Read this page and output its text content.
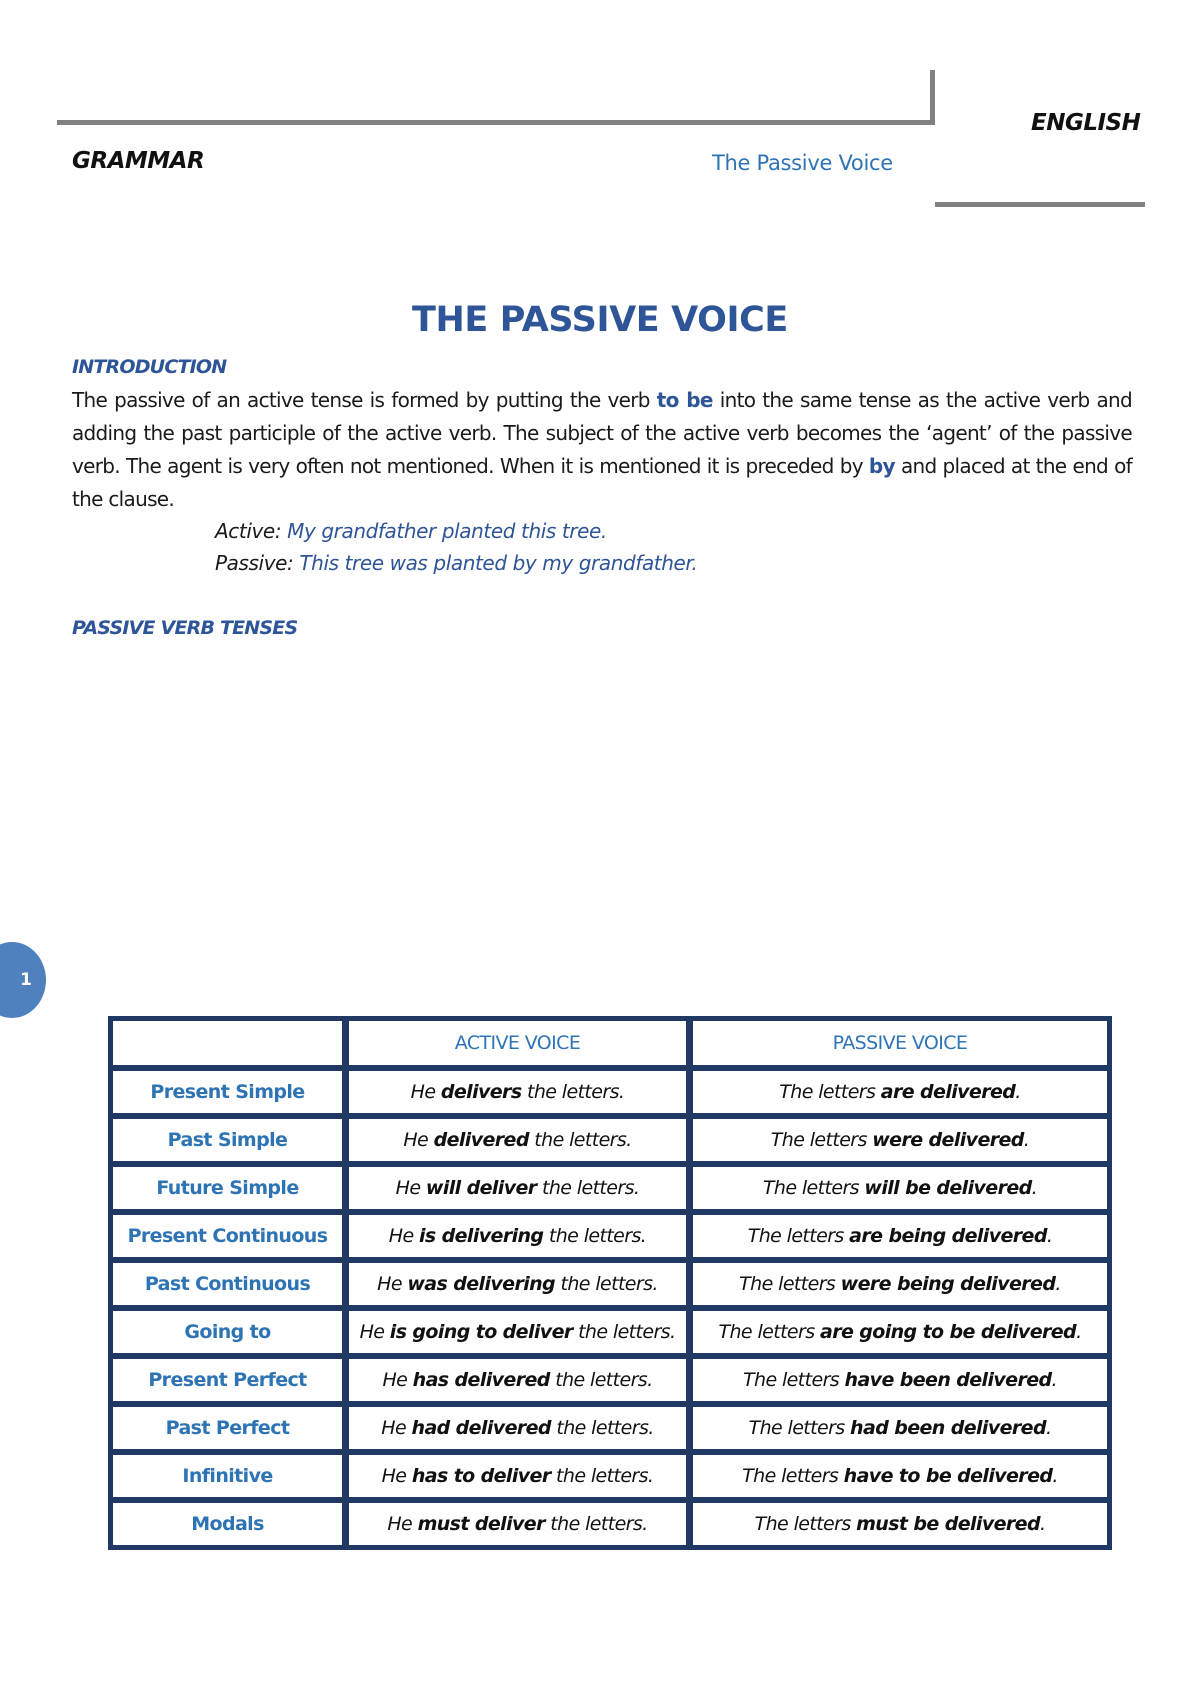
GRAMMAR	The Passive Voice
ENGLISH
THE PASSIVE VOICE
INTRODUCTION
The passive of an active tense is formed by putting the verb to be into the same tense as the active verb and adding the past participle of the active verb. The subject of the active verb becomes the ‘agent’ of the passive verb. The agent is very often not mentioned. When it is mentioned it is preceded by by and placed at the end of the clause.
Active: My grandfather planted this tree.
Passive: This tree was planted by my grandfather.
PASSIVE VERB TENSES
1
	ACTIVE VOICE	PASSIVE VOICE
Present Simple	He delivers the letters.	The letters are delivered.
Past Simple	He delivered the letters.	The letters were delivered.
Future Simple	He will deliver the letters.	The letters will be delivered.
Present Continuous	He is delivering the letters.	The letters are being delivered.
Past Continuous	He was delivering the letters.	The letters were being delivered.
Going to	He is going to deliver the letters.	The letters are going to be delivered.
Present Perfect	He has delivered the letters.	The letters have been delivered.
Past Perfect	He had delivered the letters.	The letters had been delivered.
Infinitive	He has to deliver the letters.	The letters have to be delivered.
Modals	He must deliver the letters.	The letters must be delivered.
